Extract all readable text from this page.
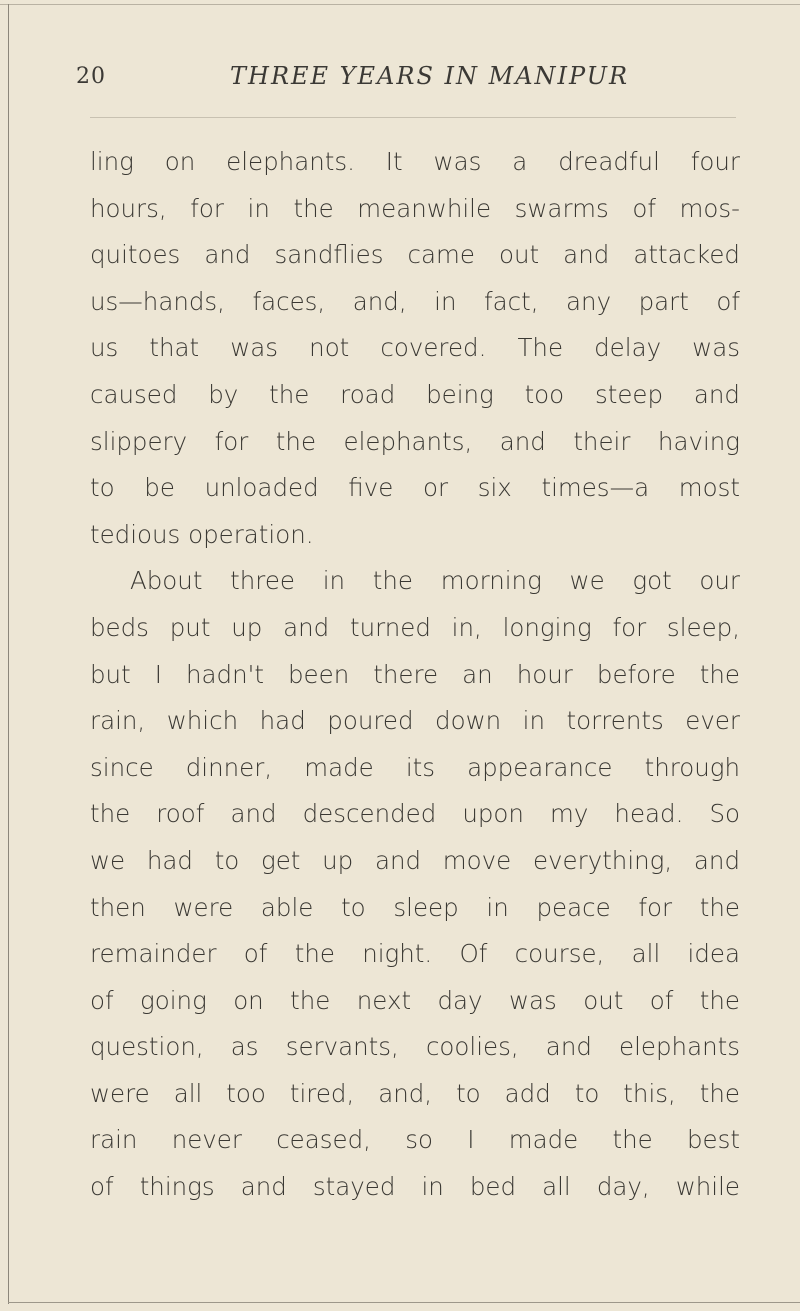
20	THREE YEARS IN MANIPUR
ling on elephants. It was a dreadful four
hours, for in the meanwhile swarms of mos-
quitoes and sandflies came out and attacked
us—hands, faces, and, in fact, any part of
us that was not covered. The delay was
caused by the road being too steep and
slippery for the elephants, and their having
to be unloaded five or six times—a most
tedious operation.
About three in the morning we got our
beds put up and turned in, longing for sleep,
but I hadn't been there an hour before the
rain, which had poured down in torrents ever
since dinner, made its appearance through
the roof and descended upon my head. So
we had to get up and move everything, and
then were able to sleep in peace for the
remainder of the night. Of course, all idea
of going on the next day was out of the
question, as servants, coolies, and elephants
were all too tired, and, to add to this, the
rain never ceased, so I made the best
of things and stayed in bed all day, while
